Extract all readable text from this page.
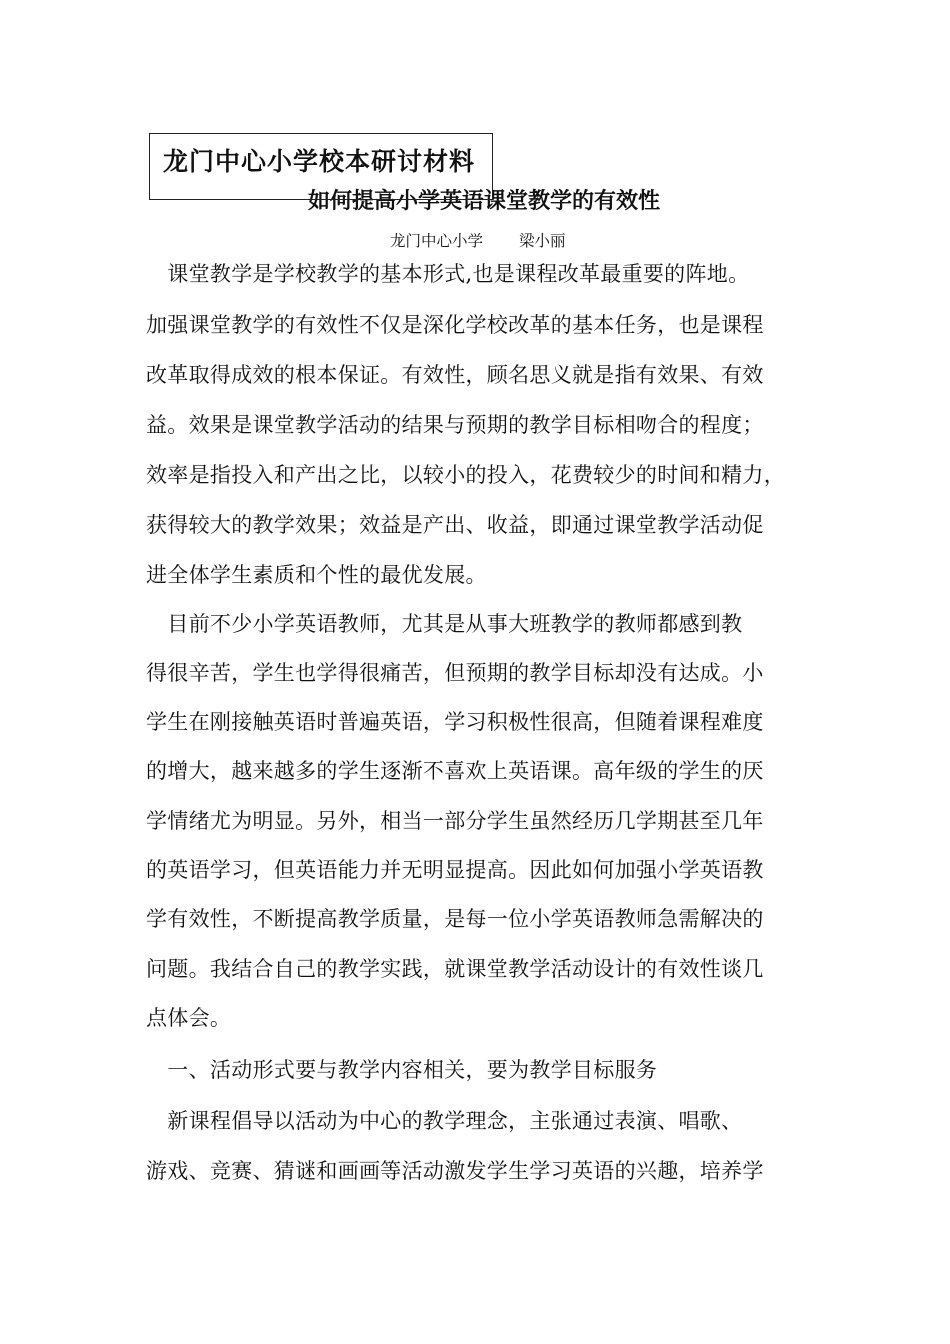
龙门中心小学校本研讨材料
如何提高小学英语课堂教学的有效性
龙门中心小学 梁小丽
　课堂教学是学校教学的基本形式,也是课程改革最重要的阵地。
加强课堂教学的有效性不仅是深化学校改革的基本任务，也是课程
改革取得成效的根本保证。有效性，顾名思义就是指有效果、有效
益。效果是课堂教学活动的结果与预期的教学目标相吻合的程度；
效率是指投入和产出之比，以较小的投入，花费较少的时间和精力，
获得较大的教学效果；效益是产出、收益，即通过课堂教学活动促
进全体学生素质和个性的最优发展。
　目前不少小学英语教师，尤其是从事大班教学的教师都感到教
得很辛苦，学生也学得很痛苦，但预期的教学目标却没有达成。小
学生在刚接触英语时普遍英语，学习积极性很高，但随着课程难度
的增大，越来越多的学生逐渐不喜欢上英语课。高年级的学生的厌
学情绪尤为明显。另外，相当一部分学生虽然经历几学期甚至几年
的英语学习，但英语能力并无明显提高。因此如何加强小学英语教
学有效性，不断提高教学质量，是每一位小学英语教师急需解决的
问题。我结合自己的教学实践，就课堂教学活动设计的有效性谈几
点体会。
　一、活动形式要与教学内容相关，要为教学目标服务
　新课程倡导以活动为中心的教学理念，主张通过表演、唱歌、
游戏、竞赛、猜谜和画画等活动激发学生学习英语的兴趣，培养学
